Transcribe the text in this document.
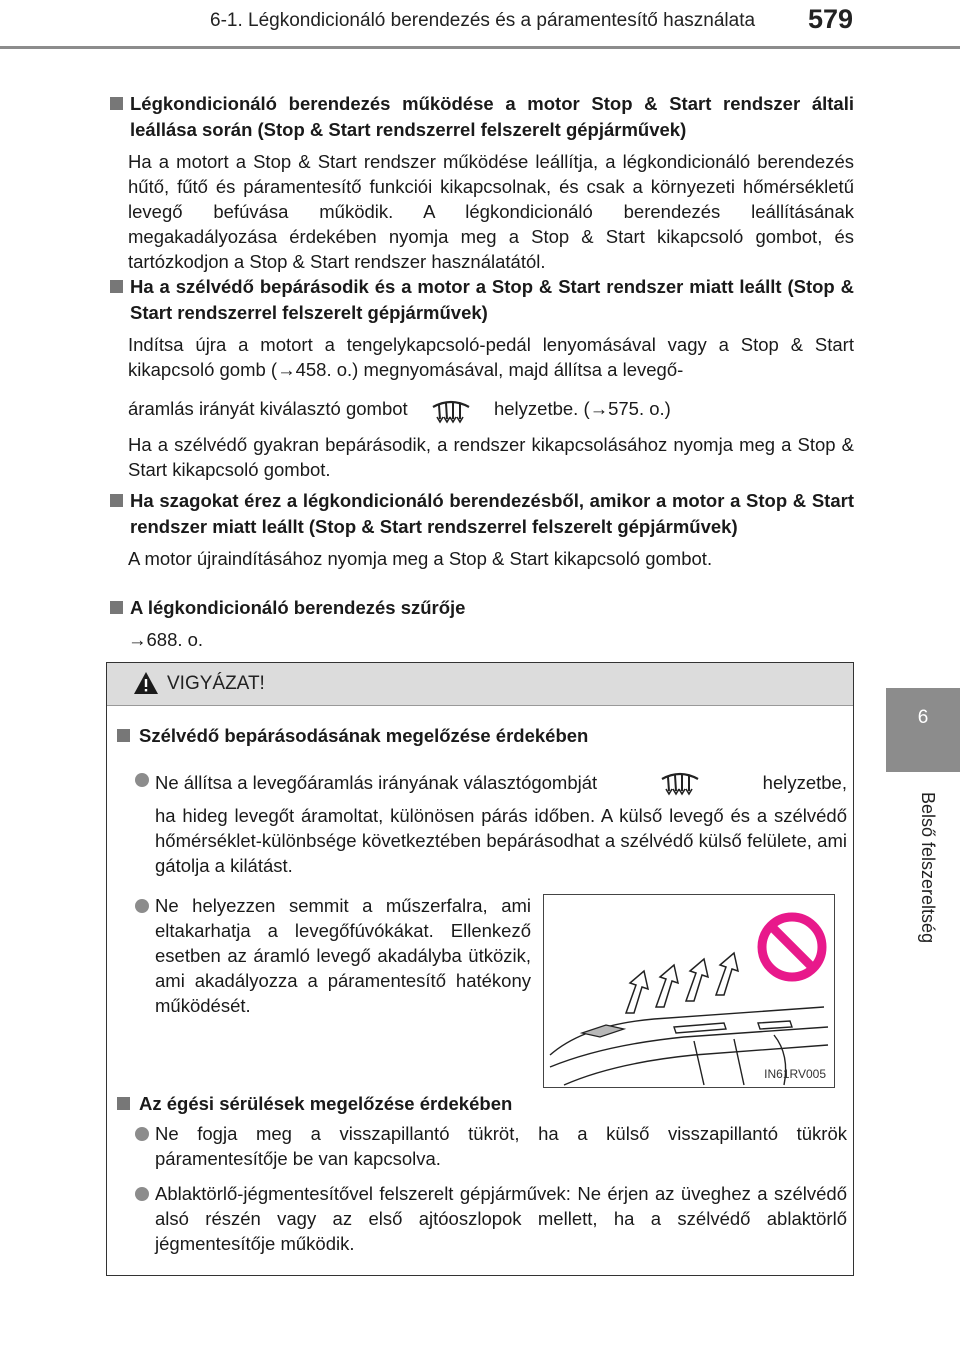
6-1. Légkondicionáló berendezés és a páramentesítő használata 579
6
Belső felszereltség
Légkondicionáló berendezés működése a motor Stop & Start rendszer általi leállása során (Stop & Start rendszerrel felszerelt gépjárművek)
Ha a motort a Stop & Start rendszer működése leállítja, a légkondicionáló berendezés hűtő, fűtő és páramentesítő funkciói kikapcsolnak, és csak a környezeti hőmérsékletű levegő befúvása működik. A légkondicionáló berendezés leállításának megakadályozása érdekében nyomja meg a Stop & Start kikapcsoló gombot, és tartózkodjon a Stop & Start rendszer használatától.
Ha a szélvédő bepárásodik és a motor a Stop & Start rendszer miatt leállt (Stop & Start rendszerrel felszerelt gépjárművek)
Indítsa újra a motort a tengelykapcsoló-pedál lenyomásával vagy a Stop & Start kikapcsoló gomb (→458. o.) megnyomásával, majd állítsa a levegő-
áramlás irányát kiválasztó gombot	helyzetbe. (→575. o.)
Ha a szélvédő gyakran bepárásodik, a rendszer kikapcsolásához nyomja meg a Stop & Start kikapcsoló gombot.
Ha szagokat érez a légkondicionáló berendezésből, amikor a motor a Stop & Start rendszer miatt leállt (Stop & Start rendszerrel felszerelt gépjárművek)
A motor újraindításához nyomja meg a Stop & Start kikapcsoló gombot.
A légkondicionáló berendezés szűrője
→688. o.
VIGYÁZAT!
Szélvédő bepárásodásának megelőzése érdekében
Ne állítsa a levegőáramlás irányának választógombját	helyzetbe,
ha hideg levegőt áramoltat, különösen párás időben. A külső levegő és a szélvédő hőmérséklet-különbsége következtében bepárásodhat a szélvédő külső felülete, ami gátolja a kilátást.
Ne helyezzen semmit a műszerfalra, ami eltakarhatja a levegőfúvókákat. Ellenkező esetben az áramló levegő akadályba ütközik, ami akadályozza a páramentesítő hatékony működését.
IN61RV005
Az égési sérülések megelőzése érdekében
Ne fogja meg a visszapillantó tükröt, ha a külső visszapillantó tükrök páramentesítője be van kapcsolva.
Ablaktörlő-jégmentesítővel felszerelt gépjárművek: Ne érjen az üveghez a szélvédő alsó részén vagy az első ajtóoszlopok mellett, ha a szélvédő ablaktörlő jégmentesítője működik.
